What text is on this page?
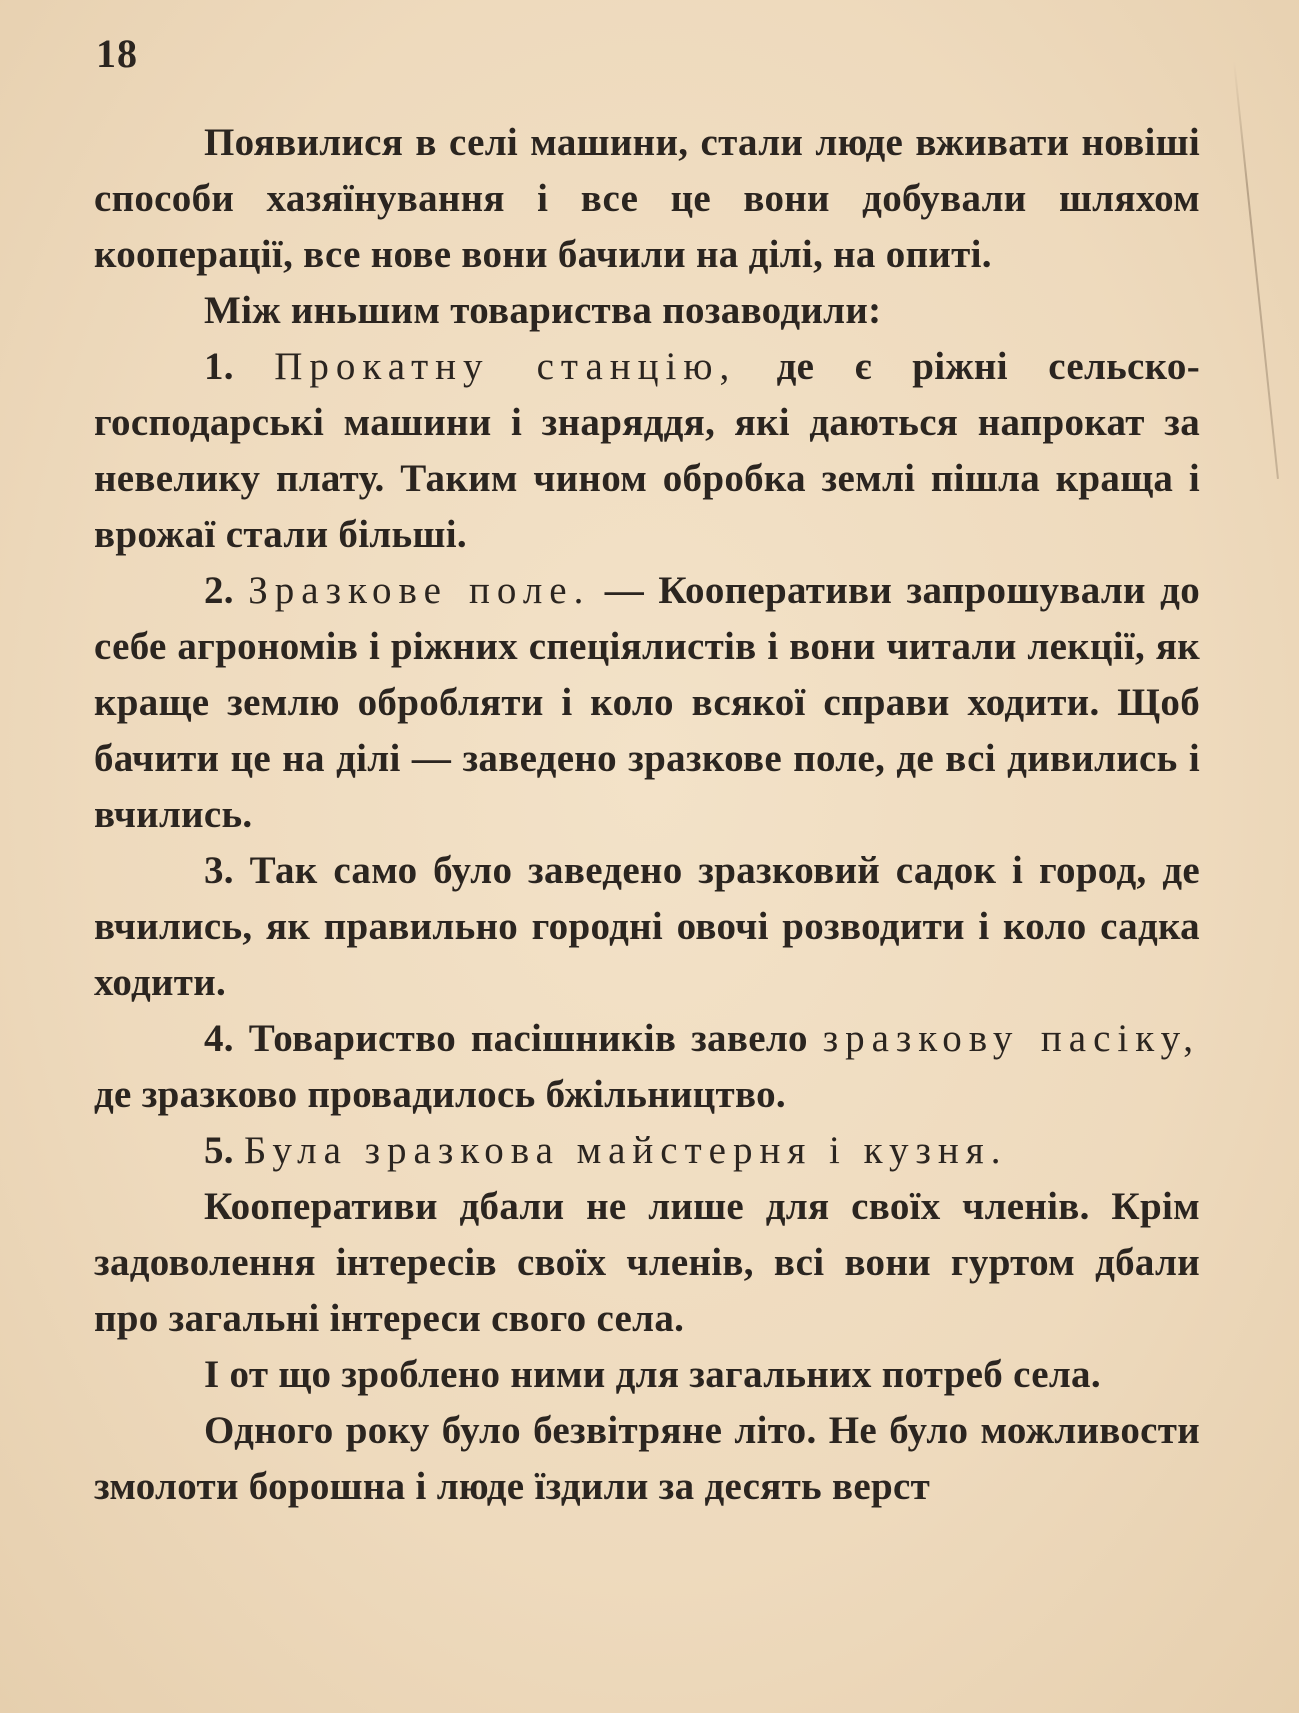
18

Появилися в селі машини, стали люде вживати новіші способи хазяїнування і все це вони добували шляхом кооперації, все нове вони бачили на ділі, на опиті.

Між иньшим товариства позаводили:

1. Прокатну станцію, де є ріжні сельско-господарські машини і знаряддя, які даються напрокат за невелику плату. Таким чином обробка землі пішла краща і врожаї стали більші.

2. Зразкове поле. — Кооперативи запрошували до себе агрономів і ріжних спеціялистів і вони читали лекції, як краще землю обробляти і коло всякої справи ходити. Щоб бачити це на ділі — заведено зразкове поле, де всі дивились і вчились.

3. Так само було заведено зразковий садок і город, де вчились, як правильно городні овочі розводити і коло садка ходити.

4. Товариство пасішників завело зразкову пасіку, де зразково провадилось бжільництво.

5. Була зразкова майстерня і кузня.

Кооперативи дбали не лише для своїх членів. Крім задоволення інтересів своїх членів, всі вони гуртом дбали про загальні інтереси свого села.

І от що зроблено ними для загальних потреб села.

Одного року було безвітряне літо. Не було можливости змолоти борошна і люде їздили за десять верст
